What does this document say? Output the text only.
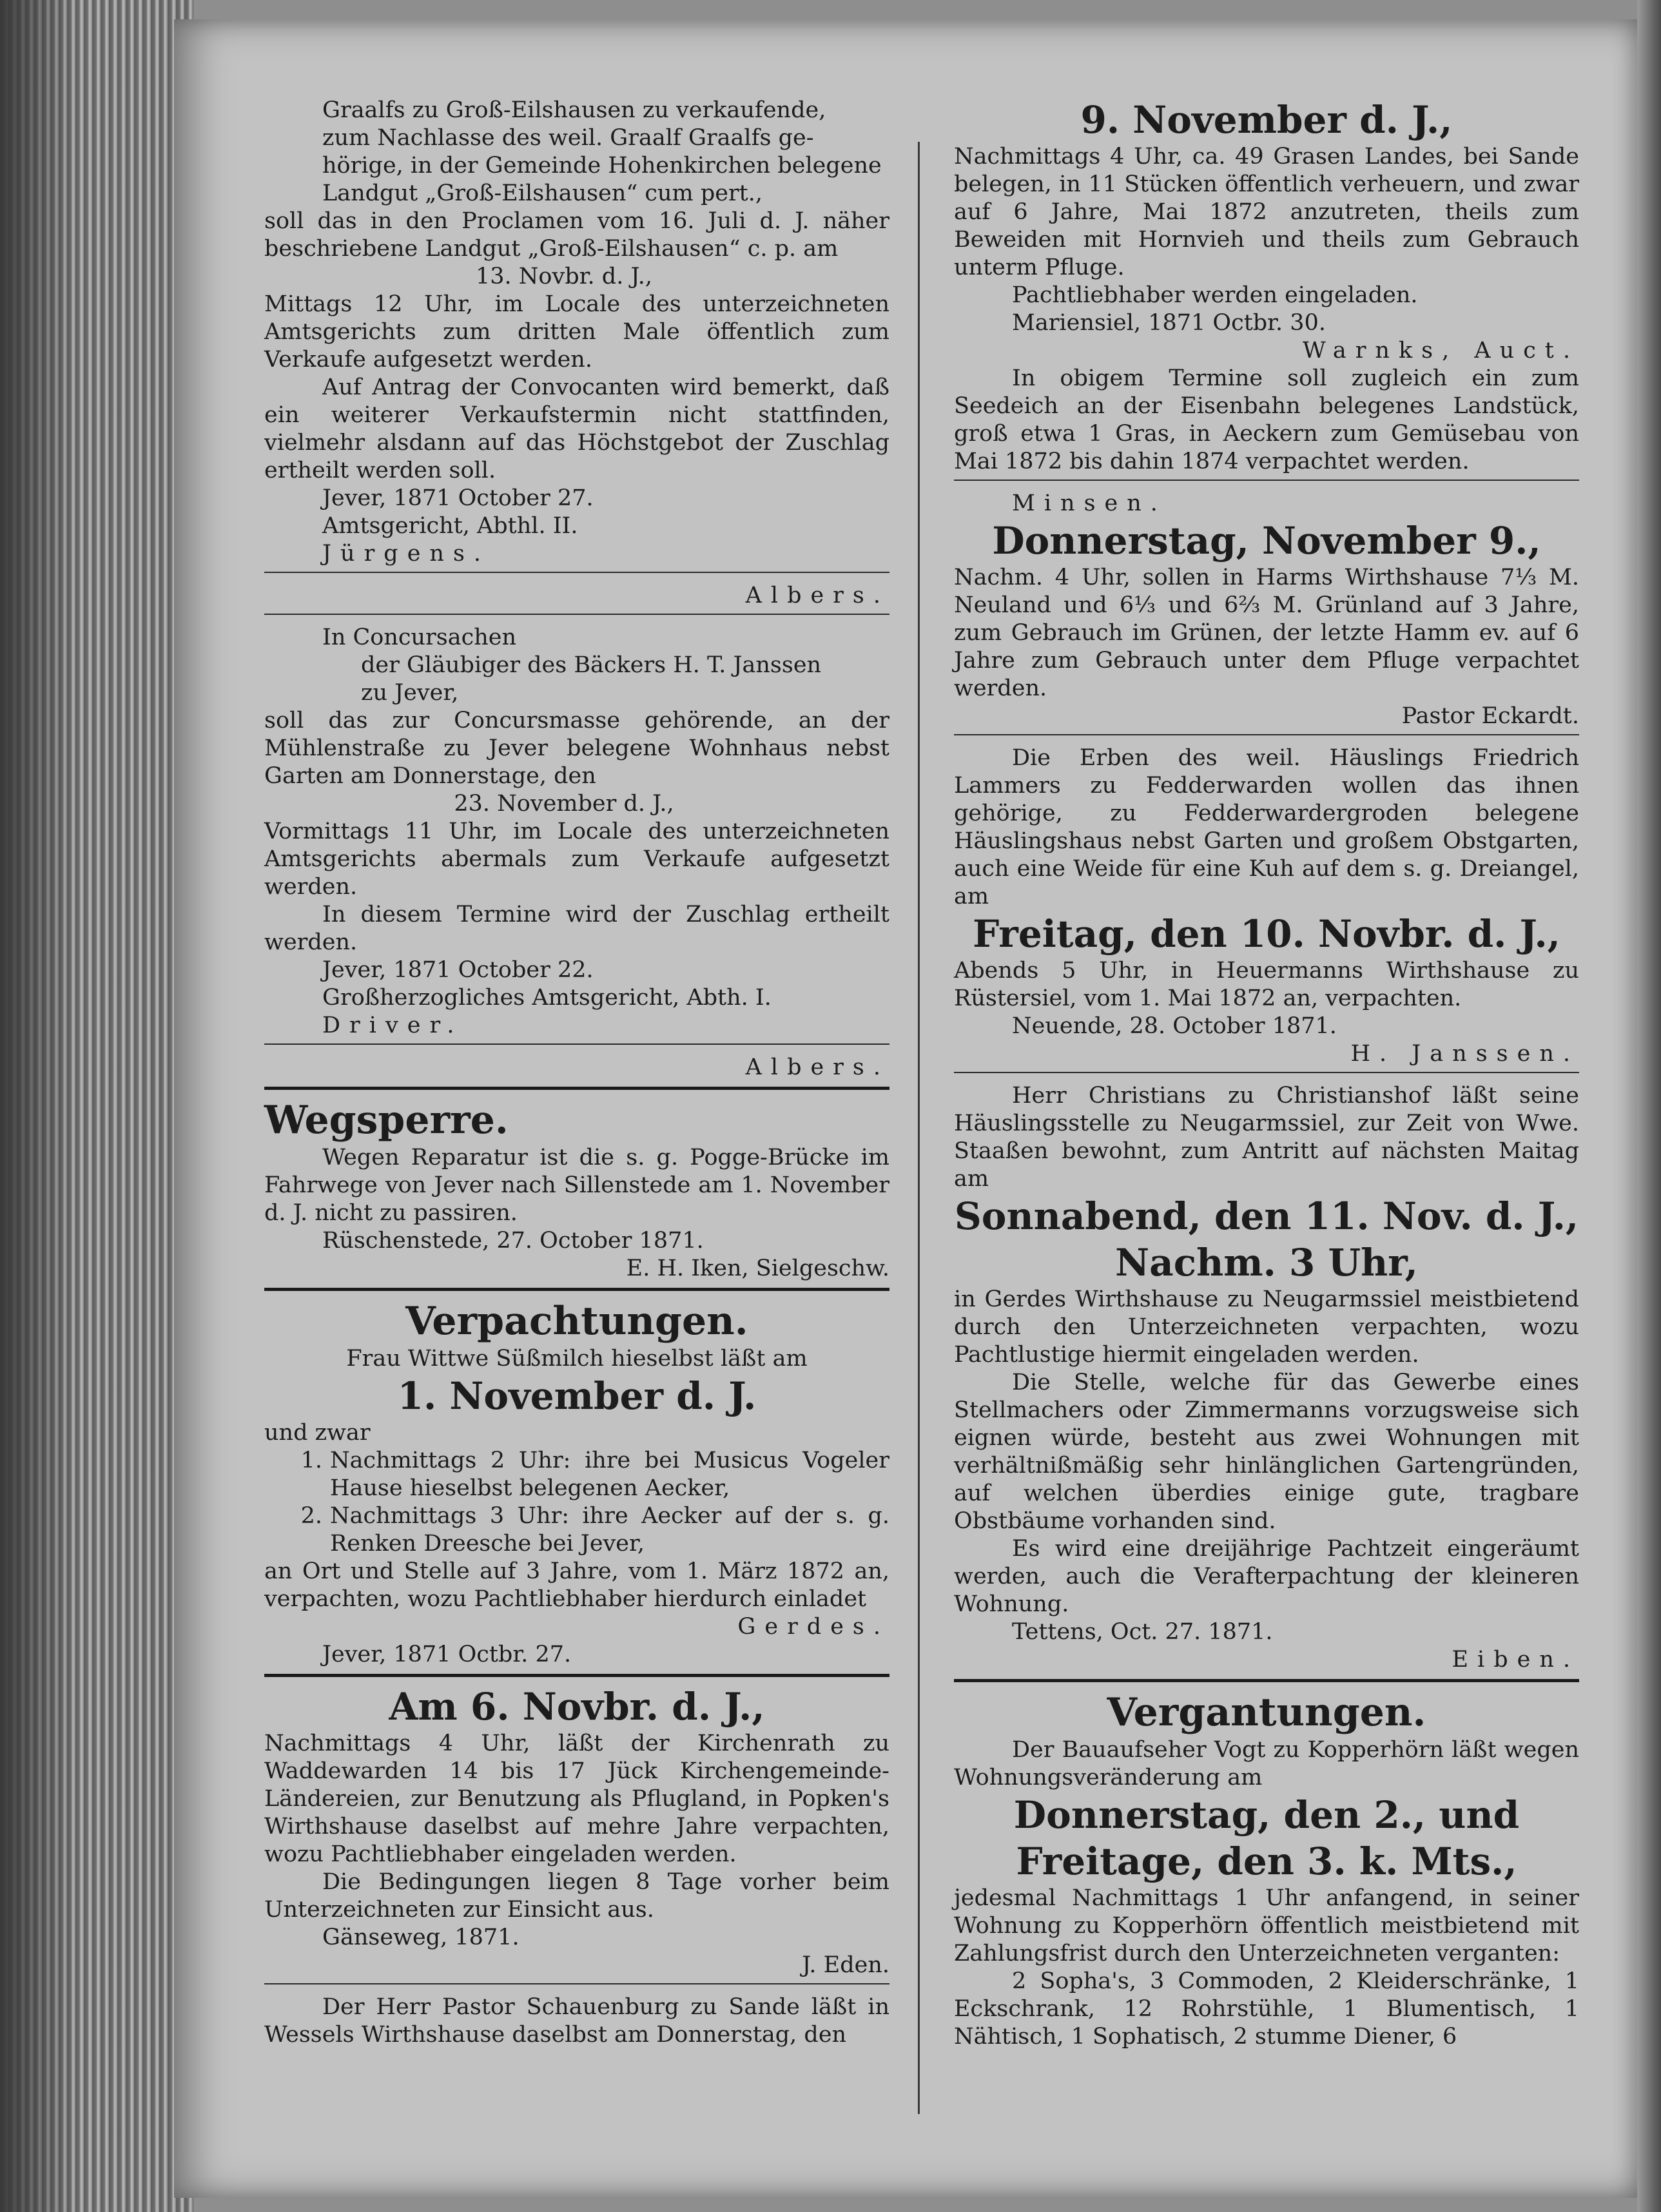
Graalfs zu Groß-Eilshausen zu verkaufende,

zum Nachlasse des weil. Graalf Graalfs ge-

hörige, in der Gemeinde Hohenkirchen belegene

Landgut „Groß-Eilshausen“ cum pert.,

soll das in den Proclamen vom 16. Juli d. J. näher beschriebene Landgut „Groß-Eilshausen“ c. p. am

13. Novbr. d. J.,

Mittags 12 Uhr, im Locale des unterzeichneten Amtsgerichts zum dritten Male öffentlich zum Verkaufe aufgesetzt werden.

Auf Antrag der Convocanten wird bemerkt, daß ein weiterer Verkaufstermin nicht stattfinden, vielmehr alsdann auf das Höchstgebot der Zuschlag ertheilt werden soll.

Jever, 1871 October 27.

Amtsgericht, Abthl. II.

Jürgens.

Albers.

In Concursachen

der Gläubiger des Bäckers H. T. Janssen

zu Jever,

soll das zur Concursmasse gehörende, an der Mühlenstraße zu Jever belegene Wohnhaus nebst Garten am Donnerstage, den

23. November d. J.,

Vormittags 11 Uhr, im Locale des unterzeichneten Amtsgerichts abermals zum Verkaufe aufgesetzt werden.

In diesem Termine wird der Zuschlag ertheilt werden.

Jever, 1871 October 22.

Großherzogliches Amtsgericht, Abth. I.

Driver.

Albers.

Wegsperre.

Wegen Reparatur ist die s. g. Pogge-Brücke im Fahrwege von Jever nach Sillenstede am 1. November d. J. nicht zu passiren.

Rüschenstede, 27. October 1871.

E. H. Iken, Sielgeschw.

Verpachtungen.

Frau Wittwe Süßmilch hieselbst läßt am

1. November d. J.

und zwar

1. Nachmittags 2 Uhr: ihre bei Musicus Vogeler Hause hieselbst belegenen Aecker,
2. Nachmittags 3 Uhr: ihre Aecker auf der s. g. Renken Dreesche bei Jever,

an Ort und Stelle auf 3 Jahre, vom 1. März 1872 an, verpachten, wozu Pachtliebhaber hierdurch einladet

Gerdes.

Jever, 1871 Octbr. 27.

Am 6. Novbr. d. J.,

Nachmittags 4 Uhr, läßt der Kirchenrath zu Waddewarden 14 bis 17 Jück Kirchengemeinde-Ländereien, zur Benutzung als Pflugland, in Popken's Wirthshause daselbst auf mehre Jahre verpachten, wozu Pachtliebhaber eingeladen werden.

Die Bedingungen liegen 8 Tage vorher beim Unterzeichneten zur Einsicht aus.

Gänseweg, 1871.

J. Eden.

Der Herr Pastor Schauenburg zu Sande läßt in Wessels Wirthshause daselbst am Donnerstag, den

9. November d. J.,

Nachmittags 4 Uhr, ca. 49 Grasen Landes, bei Sande belegen, in 11 Stücken öffentlich verheuern, und zwar auf 6 Jahre, Mai 1872 anzutreten, theils zum Beweiden mit Hornvieh und theils zum Gebrauch unterm Pfluge.

Pachtliebhaber werden eingeladen.

Mariensiel, 1871 Octbr. 30.

Warnks, Auct.

In obigem Termine soll zugleich ein zum Seedeich an der Eisenbahn belegenes Landstück, groß etwa 1 Gras, in Aeckern zum Gemüsebau von Mai 1872 bis dahin 1874 verpachtet werden.

Minsen.

Donnerstag, November 9.,

Nachm. 4 Uhr, sollen in Harms Wirthshause 7⅓ M. Neuland und 6⅓ und 6⅔ M. Grünland auf 3 Jahre, zum Gebrauch im Grünen, der letzte Hamm ev. auf 6 Jahre zum Gebrauch unter dem Pfluge verpachtet werden.

Pastor Eckardt.

Die Erben des weil. Häuslings Friedrich Lammers zu Fedderwarden wollen das ihnen gehörige, zu Fedderwardergroden belegene Häuslingshaus nebst Garten und großem Obstgarten, auch eine Weide für eine Kuh auf dem s. g. Dreiangel, am

Freitag, den 10. Novbr. d. J.,

Abends 5 Uhr, in Heuermanns Wirthshause zu Rüstersiel, vom 1. Mai 1872 an, verpachten.

Neuende, 28. October 1871.

H. Janssen.

Herr Christians zu Christianshof läßt seine Häuslingsstelle zu Neugarmssiel, zur Zeit von Wwe. Staaßen bewohnt, zum Antritt auf nächsten Maitag am

Sonnabend, den 11. Nov. d. J.,

Nachm. 3 Uhr,

in Gerdes Wirthshause zu Neugarmssiel meistbietend durch den Unterzeichneten verpachten, wozu Pachtlustige hiermit eingeladen werden.

Die Stelle, welche für das Gewerbe eines Stellmachers oder Zimmermanns vorzugsweise sich eignen würde, besteht aus zwei Wohnungen mit verhältnißmäßig sehr hinlänglichen Gartengründen, auf welchen überdies einige gute, tragbare Obstbäume vorhanden sind.

Es wird eine dreijährige Pachtzeit eingeräumt werden, auch die Verafterpachtung der kleineren Wohnung.

Tettens, Oct. 27. 1871.

Eiben.

Vergantungen.

Der Bauaufseher Vogt zu Kopperhörn läßt wegen Wohnungsveränderung am

Donnerstag, den 2., und Freitage, den 3. k. Mts.,

jedesmal Nachmittags 1 Uhr anfangend, in seiner Wohnung zu Kopperhörn öffentlich meistbietend mit Zahlungsfrist durch den Unterzeichneten verganten:

2 Sopha's, 3 Commoden, 2 Kleiderschränke, 1 Eckschrank, 12 Rohrstühle, 1 Blumentisch, 1 Nähtisch, 1 Sophatisch, 2 stumme Diener, 6
